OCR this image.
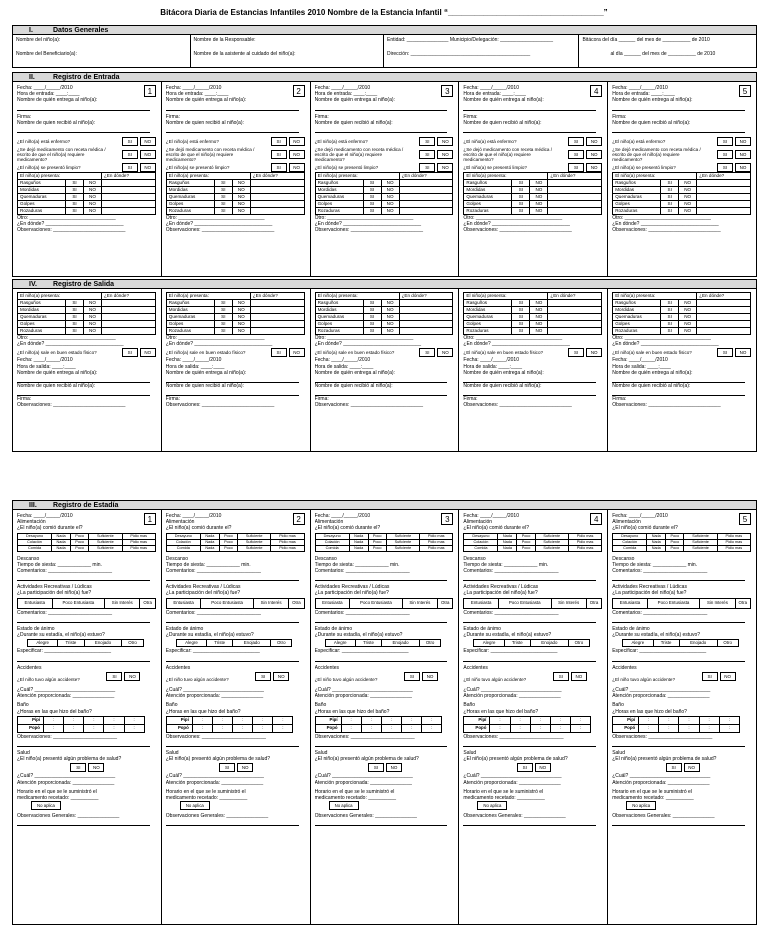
Bitácora Diaria de Estancias Infantiles 2010 Nombre de la Estancia Infantil “___________________________________”
I.	Datos Generales
Nombre del niño(a):
Nombre del Beneficiario(a):
Nombre de la Responsable:
Nombre de la asistente al cuidado del niño(a):
Entidad: _______________ Municipio/Delegación: ___________________
Dirección: ___________________________________________
Bitácora del día ______ del mes de __________ de 2010
al día ______ del mes de __________ de 2010
II.	Registro de Entrada
1
Fecha: ____/_____/2010
Hora de entrada: ____:____
Nombre de quién entrega al niño(a):
Firma:
Nombre de quien recibió al niño(a):
¿El niño(a) está enfermo?	SI	NO
¿Se dejó medicamento con receta médica / escrito de que el niño(a) requiere medicamento?
SI	NO
¿El niño(a) se presentó limpio?	SI	NO
El niño(a) presenta:			¿En dónde?
Rasguños	SI	NO	
Mordidas	SI	NO	
Quemaduras	SI	NO	
Golpes	SI	NO	
Rozaduras	SI	NO	
Otro: _______________________________
¿En dónde? ____________________________
Observaciones: __________________________
2
Fecha: ____/_____/2010
Hora de entrada: ____:____
Nombre de quién entrega al niño(a):
Firma:
Nombre de quien recibió al niño(a):
¿El niño(a) está enfermo?	SI	NO
¿Se dejó medicamento con receta médica / escrito de que el niño(a) requiere medicamento?
SI	NO
¿El niño(a) se presentó limpio?	SI	NO
El niño(a) presenta:			¿En dónde?
Rasguños	SI	NO	
Mordidas	SI	NO	
Quemaduras	SI	NO	
Golpes	SI	NO	
Rozaduras	SI	NO	
Otro: _______________________________
¿En dónde? ____________________________
Observaciones: __________________________
3
Fecha: ____/_____/2010
Hora de entrada: ____:____
Nombre de quién entrega al niño(a):
Firma:
Nombre de quien recibió al niño(a):
¿El niño(a) está enfermo?	SI	NO
¿Se dejó medicamento con receta médica / escrito de que el niño(a) requiere medicamento?
SI	NO
¿El niño(a) se presentó limpio?	SI	NO
El niño(a) presenta:			¿En dónde?
Rasguños	SI	NO	
Mordidas	SI	NO	
Quemaduras	SI	NO	
Golpes	SI	NO	
Rozaduras	SI	NO	
Otro: _______________________________
¿En dónde? ____________________________
Observaciones: __________________________
4
Fecha: ____/_____/2010
Hora de entrada: ____:____
Nombre de quién entrega al niño(a):
Firma:
Nombre de quien recibió al niño(a):
¿El niño(a) está enfermo?	SI	NO
¿Se dejó medicamento con receta médica / escrito de que el niño(a) requiere medicamento?
SI	NO
¿El niño(a) se presentó limpio?	SI	NO
El niño(a) presenta:			¿En dónde?
Rasguños	SI	NO	
Mordidas	SI	NO	
Quemaduras	SI	NO	
Golpes	SI	NO	
Rozaduras	SI	NO	
Otro: _______________________________
¿En dónde? ____________________________
Observaciones: __________________________
5
Fecha: ____/_____/2010
Hora de entrada: ____:____
Nombre de quién entrega al niño(a):
Firma:
Nombre de quien recibió al niño(a):
¿El niño(a) está enfermo?	SI	NO
¿Se dejó medicamento con receta médica / escrito de que el niño(a) requiere medicamento?
SI	NO
¿El niño(a) se presentó limpio?	SI	NO
El niño(a) presenta:			¿En dónde?
Rasguños	SI	NO	
Mordidas	SI	NO	
Quemaduras	SI	NO	
Golpes	SI	NO	
Rozaduras	SI	NO	
Otro: _______________________________
¿En dónde? ____________________________
Observaciones: __________________________
IV.	Registro de Salida
El niño(a) presenta:			¿En dónde?
Rasguños	SI	NO	
Mordidas	SI	NO	
Quemaduras	SI	NO	
Golpes	SI	NO	
Rozaduras	SI	NO	
Otro: _______________________________
¿En dónde? ____________________________
¿El niño(a) sale en buen estado físico?	SI	NO
Fecha: ____/_____/2010
Hora de salida: ____:____
Nombre de quién entrega al niño(a):
Nombre de quien recibió al niño(a):
Firma:
Observaciones: __________________________
El niño(a) presenta:			¿En dónde?
Rasguños	SI	NO	
Mordidas	SI	NO	
Quemaduras	SI	NO	
Golpes	SI	NO	
Rozaduras	SI	NO	
Otro: _______________________________
¿En dónde? ____________________________
¿El niño(a) sale en buen estado físico?	SI	NO
Fecha: ____/_____/2010
Hora de salida: ____:____
Nombre de quién entrega al niño(a):
Nombre de quien recibió al niño(a):
Firma:
Observaciones: __________________________
El niño(a) presenta:			¿En dónde?
Rasguños	SI	NO	
Mordidas	SI	NO	
Quemaduras	SI	NO	
Golpes	SI	NO	
Rozaduras	SI	NO	
Otro: _______________________________
¿En dónde? ____________________________
¿El niño(a) sale en buen estado físico?	SI	NO
Fecha: ____/_____/2010
Hora de salida: ____:____
Nombre de quién entrega al niño(a):
Nombre de quien recibió al niño(a):
Firma:
Observaciones: __________________________
El niño(a) presenta:			¿En dónde?
Rasguños	SI	NO	
Mordidas	SI	NO	
Quemaduras	SI	NO	
Golpes	SI	NO	
Rozaduras	SI	NO	
Otro: _______________________________
¿En dónde? ____________________________
¿El niño(a) sale en buen estado físico?	SI	NO
Fecha: ____/_____/2010
Hora de salida: ____:____
Nombre de quién entrega al niño(a):
Nombre de quien recibió al niño(a):
Firma:
Observaciones: __________________________
El niño(a) presenta:			¿En dónde?
Rasguños	SI	NO	
Mordidas	SI	NO	
Quemaduras	SI	NO	
Golpes	SI	NO	
Rozaduras	SI	NO	
Otro: _______________________________
¿En dónde? ____________________________
¿El niño(a) sale en buen estado físico?	SI	NO
Fecha: ____/_____/2010
Hora de salida: ____:____
Nombre de quién entrega al niño(a):
Nombre de quien recibió al niño(a):
Firma:
Observaciones: __________________________
III.	Registro de Estadía
1
Fecha: ____/_____/2010
Alimentación
¿El niño(a) comió durante el?
Desayuno	Nada	Poco	Suficiente	Pidio mas
Colación	Nada	Poco	Suficiente	Pidio mas
Comida	Nada	Poco	Suficiente	Pidio mas
Descanso
Tiempo de siesta: ____________ min.
Comentarios: _______________________
Actividades Recreativas / Lúdicas
¿La participación del niño(a) fue?
Entusiasta	Poco Entusiasta	Sin Interés	Otra
Comentarios: _______________________
Estado de ánimo
¿Durante su estadía, el niño(a) estuvo?
Alegre	Triste	Enojado	Otro
Especificar: ________________________
Accidentes
¿El niño tuvo algún accidente?
SI	NO
¿Cuál? _____________________________
Atención proporcionada: _______________
Baño
¿Horas en las que hizo del baño?
Pipí	:	:	:	:	:
Popó	:	:	:	:	:
Observaciones: _______________________
Salud
¿El niño(a) presentó algún problema de salud?
SI	NO
¿Cuál? _____________________________
Atención proporcionada: _______________
Horario en el que se le suministró el medicamento recetado: __________No aplica
Observaciones Generales: _______________
2
Fecha: ____/_____/2010
Alimentación
¿El niño(a) comió durante el?
Desayuno	Nada	Poco	Suficiente	Pidio mas
Colación	Nada	Poco	Suficiente	Pidio mas
Comida	Nada	Poco	Suficiente	Pidio mas
Descanso
Tiempo de siesta: ____________ min.
Comentarios: _______________________
Actividades Recreativas / Lúdicas
¿La participación del niño(a) fue?
Entusiasta	Poco Entusiasta	Sin Interés	Otra
Comentarios: _______________________
Estado de ánimo
¿Durante su estadía, el niño(a) estuvo?
Alegre	Triste	Enojado	Otro
Especificar: ________________________
Accidentes
¿El niño tuvo algún accidente?
SI	NO
¿Cuál? _____________________________
Atención proporcionada: _______________
Baño
¿Horas en las que hizo del baño?
Pipí	:	:	:	:	:
Popó	:	:	:	:	:
Observaciones: _______________________
Salud
¿El niño(a) presentó algún problema de salud?
SI	NO
¿Cuál? _____________________________
Atención proporcionada: _______________
Horario en el que se le suministró el medicamento recetado: __________No aplica
Observaciones Generales: _______________
3
Fecha: ____/_____/2010
Alimentación
¿El niño(a) comió durante el?
Desayuno	Nada	Poco	Suficiente	Pidio mas
Colación	Nada	Poco	Suficiente	Pidio mas
Comida	Nada	Poco	Suficiente	Pidio mas
Descanso
Tiempo de siesta: ____________ min.
Comentarios: _______________________
Actividades Recreativas / Lúdicas
¿La participación del niño(a) fue?
Entusiasta	Poco Entusiasta	Sin Interés	Otra
Comentarios: _______________________
Estado de ánimo
¿Durante su estadía, el niño(a) estuvo?
Alegre	Triste	Enojado	Otro
Especificar: ________________________
Accidentes
¿El niño tuvo algún accidente?
SI	NO
¿Cuál? _____________________________
Atención proporcionada: _______________
Baño
¿Horas en las que hizo del baño?
Pipí	:	:	:	:	:
Popó	:	:	:	:	:
Observaciones: _______________________
Salud
¿El niño(a) presentó algún problema de salud?
SI	NO
¿Cuál? _____________________________
Atención proporcionada: _______________
Horario en el que se le suministró el medicamento recetado: __________No aplica
Observaciones Generales: _______________
4
Fecha: ____/_____/2010
Alimentación
¿El niño(a) comió durante el?
Desayuno	Nada	Poco	Suficiente	Pidio mas
Colación	Nada	Poco	Suficiente	Pidio mas
Comida	Nada	Poco	Suficiente	Pidio mas
Descanso
Tiempo de siesta: ____________ min.
Comentarios: _______________________
Actividades Recreativas / Lúdicas
¿La participación del niño(a) fue?
Entusiasta	Poco Entusiasta	Sin Interés	Otra
Comentarios: _______________________
Estado de ánimo
¿Durante su estadía, el niño(a) estuvo?
Alegre	Triste	Enojado	Otro
Especificar: ________________________
Accidentes
¿El niño tuvo algún accidente?
SI	NO
¿Cuál? _____________________________
Atención proporcionada: _______________
Baño
¿Horas en las que hizo del baño?
Pipí	:	:	:	:	:
Popó	:	:	:	:	:
Observaciones: _______________________
Salud
¿El niño(a) presentó algún problema de salud?
SI	NO
¿Cuál? _____________________________
Atención proporcionada: _______________
Horario en el que se le suministró el medicamento recetado: __________No aplica
Observaciones Generales: _______________
5
Fecha: ____/_____/2010
Alimentación
¿El niño(a) comió durante el?
Desayuno	Nada	Poco	Suficiente	Pidio mas
Colación	Nada	Poco	Suficiente	Pidio mas
Comida	Nada	Poco	Suficiente	Pidio mas
Descanso
Tiempo de siesta: ____________ min.
Comentarios: _______________________
Actividades Recreativas / Lúdicas
¿La participación del niño(a) fue?
Entusiasta	Poco Entusiasta	Sin Interés	Otra
Comentarios: _______________________
Estado de ánimo
¿Durante su estadía, el niño(a) estuvo?
Alegre	Triste	Enojado	Otro
Especificar: ________________________
Accidentes
¿El niño tuvo algún accidente?
SI	NO
¿Cuál? _____________________________
Atención proporcionada: _______________
Baño
¿Horas en las que hizo del baño?
Pipí	:	:	:	:	:
Popó	:	:	:	:	:
Observaciones: _______________________
Salud
¿El niño(a) presentó algún problema de salud?
SI	NO
¿Cuál? _____________________________
Atención proporcionada: _______________
Horario en el que se le suministró el medicamento recetado: __________No aplica
Observaciones Generales: _______________
